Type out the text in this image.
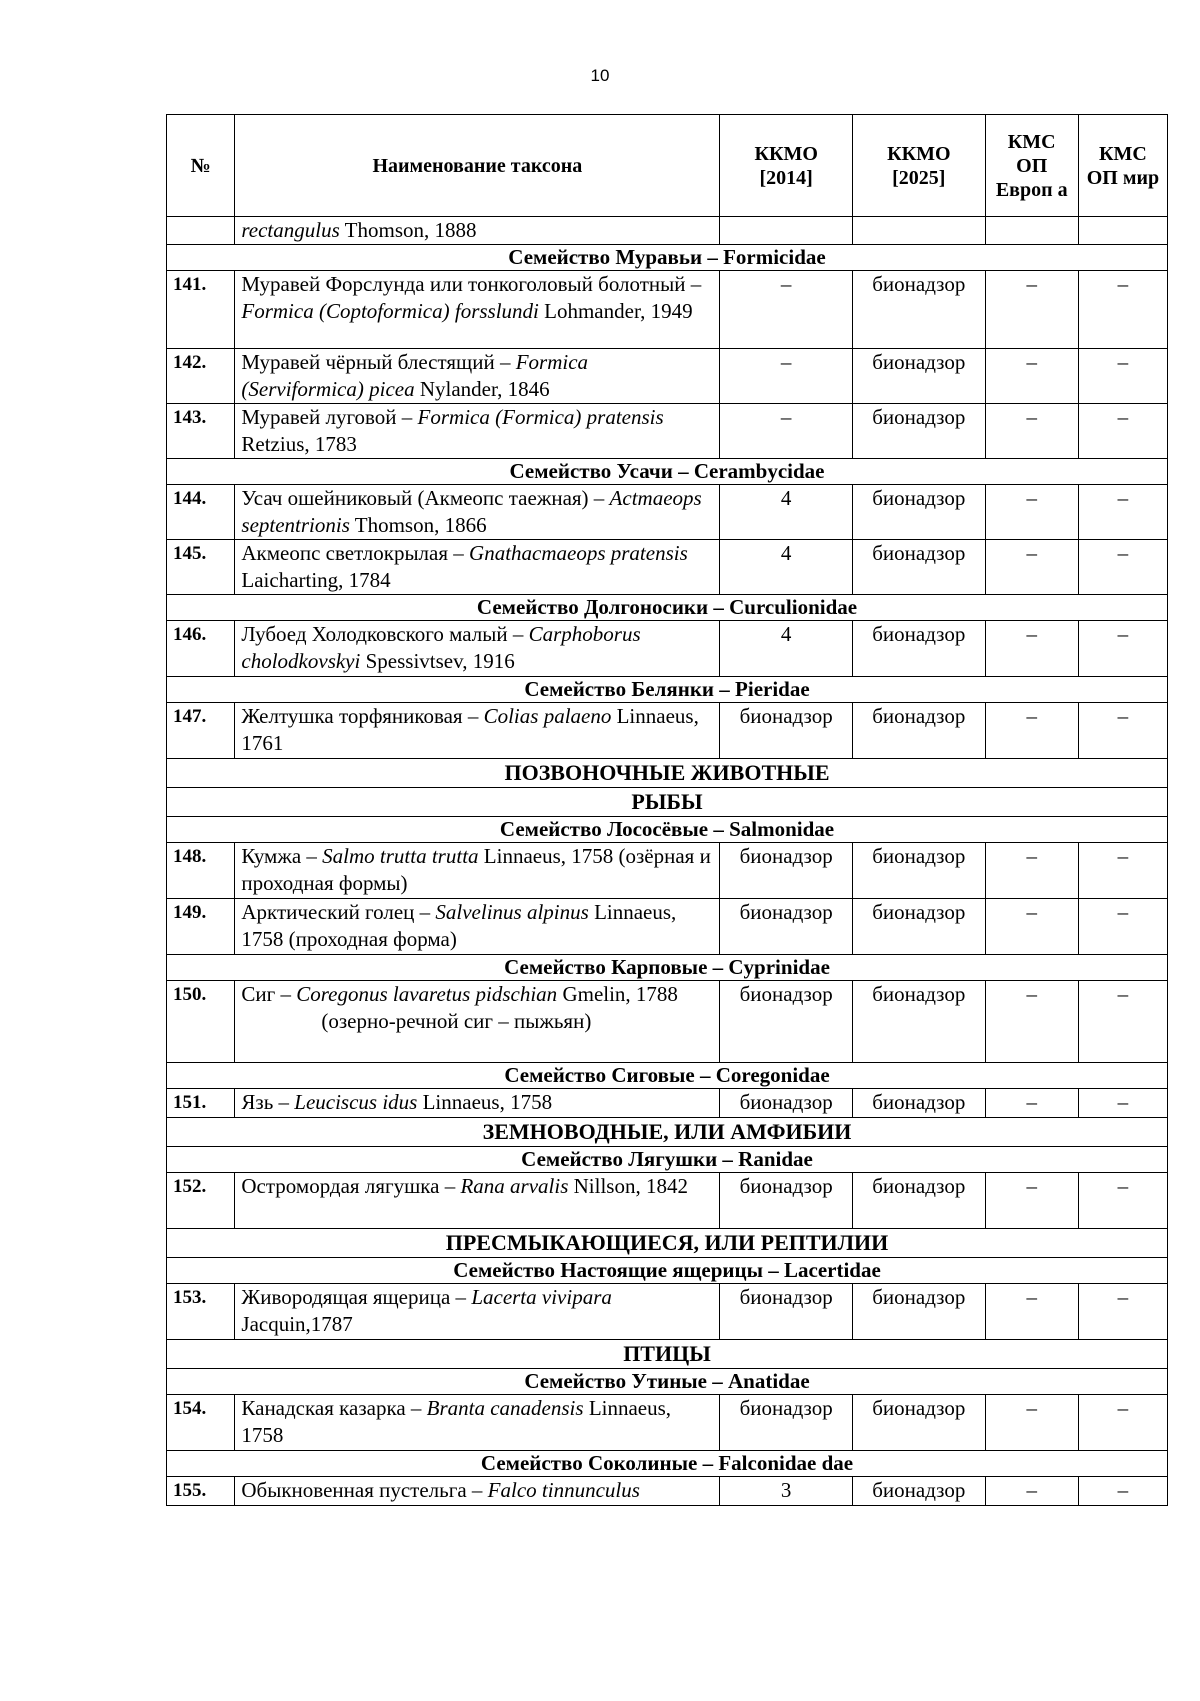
10
№	Наименование таксона	ККМО [2014]	ККМО [2025]	КМС ОП Европ а	КМС ОП мир
	rectangulus Thomson, 1888				
Семейство Муравьи – Formicidae					
141.	Муравей Форслунда или тонкоголовый болотный – Formica (Coptoformica) forsslundi Lohmander, 1949	–	бионадзор	–	–
142.	Муравей чёрный блестящий – Formica (Serviformica) picea Nylander, 1846	–	бионадзор	–	–
143.	Муравей луговой – Formica (Formica) pratensis Retzius, 1783	–	бионадзор	–	–
Семейство Усачи – Cerambycidae					
144.	Усач ошейниковый (Акмеопс таежная) – Actmaeops septentrionis Thomson, 1866	4	бионадзор	–	–
145.	Акмеопс светлокрылая – Gnathacmaeops pratensis Laicharting, 1784	4	бионадзор	–	–
Семейство Долгоносики – Curculionidae					
146.	Лубоед Холодковского малый – Carphoborus cholodkovskyi Spessivtsev, 1916	4	бионадзор	–	–
Семейство Белянки – Pieridae					
147.	Желтушка торфяниковая – Colias palaeno Linnaeus, 1761	бионадзор	бионадзор	–	–
ПОЗВОНОЧНЫЕ ЖИВОТНЫЕ					
РЫБЫ					
Семейство Лососёвые – Salmonidae					
148.	Кумжа – Salmo trutta trutta Linnaeus, 1758 (озёрная и проходная формы)	бионадзор	бионадзор	–	–
149.	Арктический голец – Salvelinus alpinus Linnaeus, 1758 (проходная форма)	бионадзор	бионадзор	–	–
Семейство Карповые – Cyprinidae					
150.	Сиг – Coregonus lavaretus pidschian Gmelin, 1788
(озерно-речной сиг – пыжьян)	бионадзор	бионадзор	–	–
Семейство Сиговые – Coregonidae					
151.	Язь – Leuciscus idus Linnaeus, 1758	бионадзор	бионадзор	–	–
ЗЕМНОВОДНЫЕ, ИЛИ АМФИБИИ					
Семейство Лягушки – Ranidae					
152.	Остромордая лягушка – Rana arvalis Nillson, 1842	бионадзор	бионадзор	–	–
ПРЕСМЫКАЮЩИЕСЯ, ИЛИ РЕПТИЛИИ					
Семейство Настоящие ящерицы – Lacertidae					
153.	Живородящая ящерица – Lacerta vivipara Jacquin,1787	бионадзор	бионадзор	–	–
ПТИЦЫ					
Семейство Утиные – Anatidae					
154.	Канадская казарка – Branta canadensis Linnaeus, 1758	бионадзор	бионадзор	–	–
Семейство Соколиные – Falconidae dae					
155.	Обыкновенная пустельга – Falco tinnunculus	3	бионадзор	–	–
